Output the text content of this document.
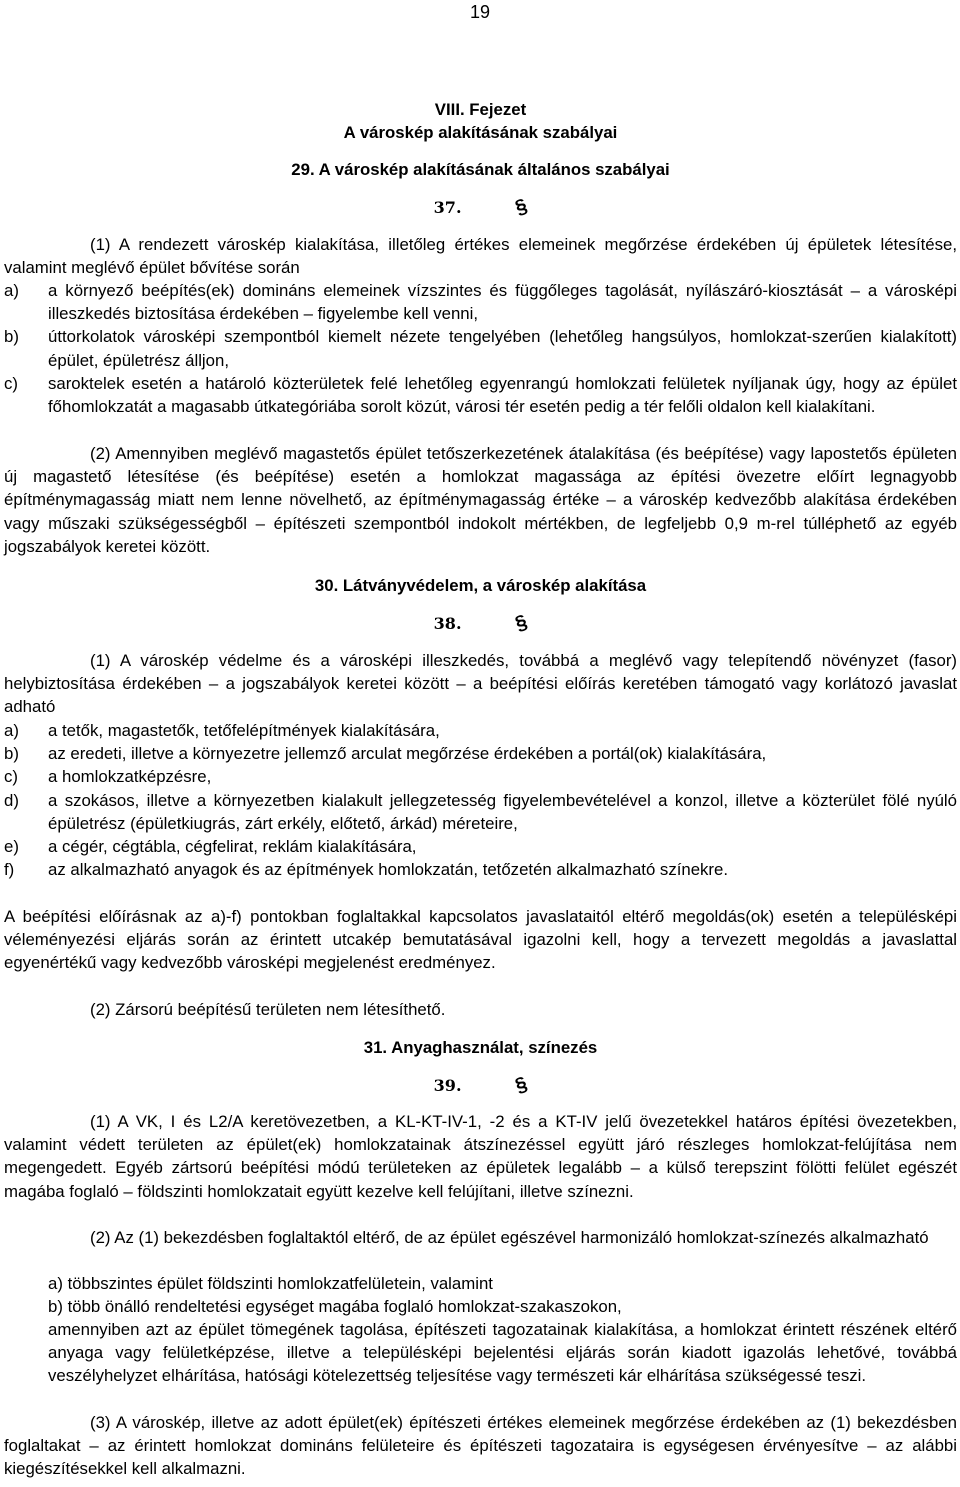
19
VIII. Fejezet
A városkép alakításának szabályai
29. A városkép alakításának általános szabályai
37.	§
(1) A rendezett városkép kialakítása, illetőleg értékes elemeinek megőrzése érdekében új épületek létesítése, valamint meglévő épület bővítése során
a)	a környező beépítés(ek) domináns elemeinek vízszintes és függőleges tagolását, nyílászáró-kiosztását – a városképi illeszkedés biztosítása érdekében – figyelembe kell venni,
b)	úttorkolatok városképi szempontból kiemelt nézete tengelyében (lehetőleg hangsúlyos, homlokzat-szerűen kialakított) épület, épületrész álljon,
c)	saroktelek esetén a határoló közterületek felé lehetőleg egyenrangú homlokzati felületek nyíljanak úgy, hogy az épület főhomlokzatát a magasabb útkategóriába sorolt közút, városi tér esetén pedig a tér felőli oldalon kell kialakítani.
(2) Amennyiben meglévő magastetős épület tetőszerkezetének átalakítása (és beépítése) vagy lapostetős épületen új magastető létesítése (és beépítése) esetén a homlokzat magassága az építési övezetre előírt legnagyobb építménymagasság miatt nem lenne növelhető, az építménymagasság értéke – a városkép kedvezőbb alakítása érdekében vagy műszaki szükségességből – építészeti szempontból indokolt mértékben, de legfeljebb 0,9 m-rel túlléphető az egyéb jogszabályok keretei között.
30. Látványvédelem, a városkép alakítása
38.	§
(1) A városkép védelme és a városképi illeszkedés, továbbá a meglévő vagy telepítendő növényzet (fasor) helybiztosítása érdekében – a jogszabályok keretei között – a beépítési előírás keretében támogató vagy korlátozó javaslat adható
a)	a tetők, magastetők, tetőfelépítmények kialakítására,
b)	az eredeti, illetve a környezetre jellemző arculat megőrzése érdekében a portál(ok) kialakítására,
c)	a homlokzatképzésre,
d)	a szokásos, illetve a környezetben kialakult jellegzetesség figyelembevételével a konzol, illetve a közterület fölé nyúló épületrész (épületkiugrás, zárt erkély, előtető, árkád) méreteire,
e)	a cégér, cégtábla, cégfelirat, reklám kialakítására,
f)	az alkalmazható anyagok és az építmények homlokzatán, tetőzetén alkalmazható színekre.
A beépítési előírásnak az a)-f) pontokban foglaltakkal kapcsolatos javaslataitól eltérő megoldás(ok) esetén a településképi véleményezési eljárás során az érintett utcakép bemutatásával igazolni kell, hogy a tervezett megoldás a javaslattal egyenértékű vagy kedvezőbb városképi megjelenést eredményez.
(2) Zársorú beépítésű területen nem létesíthető.
31. Anyaghasználat, színezés
39.	§
(1) A VK, I és L2/A keretövezetben, a KL-KT-IV-1, -2 és a KT-IV jelű övezetekkel határos építési övezetekben, valamint védett területen az épület(ek) homlokzatainak átszínezéssel együtt járó részleges homlokzat-felújítása nem megengedett. Egyéb zártsorú beépítési módú területeken az épületek legalább – a külső terepszint fölötti felület egészét magába foglaló – földszinti homlokzatait együtt kezelve kell felújítani, illetve színezni.
(2) Az (1) bekezdésben foglaltaktól eltérő, de az épület egészével harmonizáló homlokzat-színezés alkalmazható
a) többszintes épület földszinti homlokzatfelületein, valamint
b) több önálló rendeltetési egységet magába foglaló homlokzat-szakaszokon,
amennyiben azt az épület tömegének tagolása, építészeti tagozatainak kialakítása, a homlokzat érintett részének eltérő anyaga vagy felületképzése, illetve a településképi bejelentési eljárás során kiadott igazolás lehetővé, továbbá veszélyhelyzet elhárítása, hatósági kötelezettség teljesítése vagy természeti kár elhárítása szükségessé teszi.
(3) A városkép, illetve az adott épület(ek) építészeti értékes elemeinek megőrzése érdekében az (1) bekezdésben foglaltakat – az érintett homlokzat domináns felületeire és építészeti tagozataira is egységesen érvényesítve – az alábbi kiegészítésekkel kell alkalmazni.
